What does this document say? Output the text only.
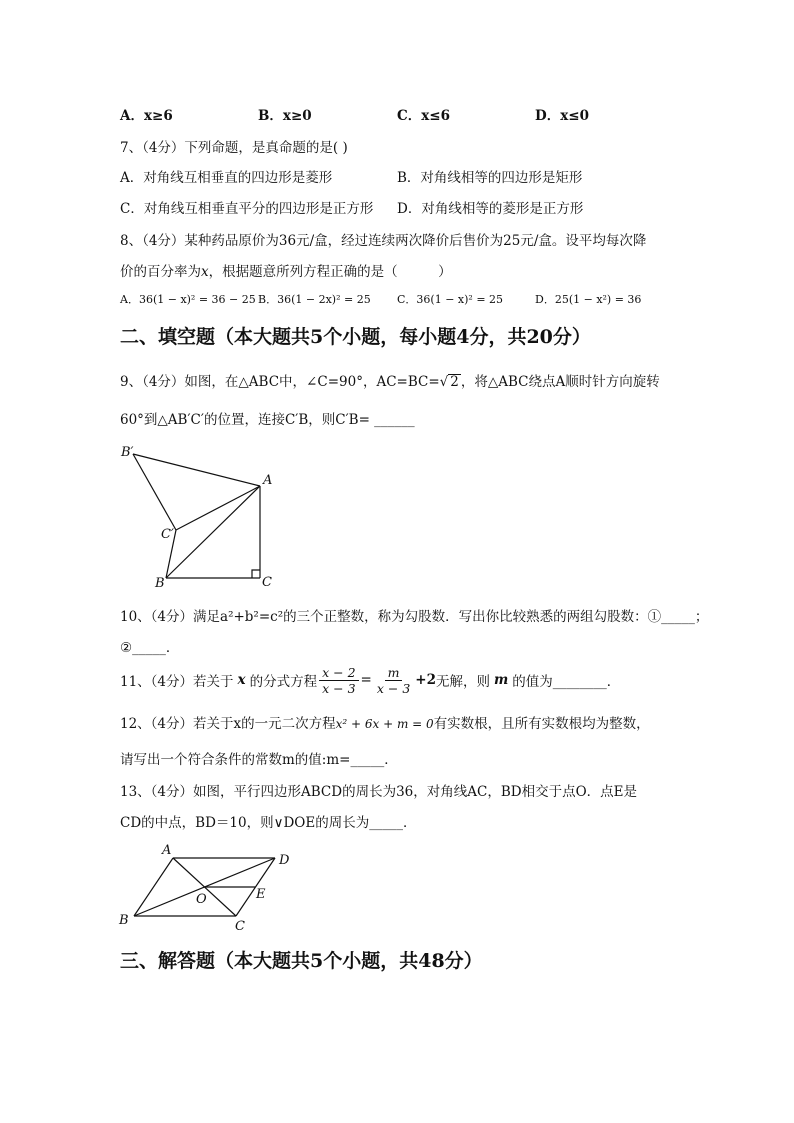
A．x≥6	B．x≥0	C．x≤6	D．x≤0
7、（4分）下列命题，是真命题的是( )
A．对角线互相垂直的四边形是菱形	B．对角线相等的四边形是矩形
C．对角线互相垂直平分的四边形是正方形 D．对角线相等的菱形是正方形
8、（4分）某种药品原价为36元/盒，经过连续两次降价后售价为25元/盒。设平均每次降
价的百分率为x，根据题意所列方程正确的是（　　　）
A．36(1 − x)² = 36 − 25 B．36(1 − 2x)² = 25 C．36(1 − x)² = 25	D．25(1 − x²) = 36
二、填空题（本大题共5个小题，每小题4分，共20分）
9、（4分）如图，在△ABC中，∠C=90°，AC=BC=√ 2 ，将△ABC绕点A顺时针方向旋转
60°到△AB′C′的位置，连接C′B，则C′B= ______
B′
A
C′
B	C
10、（4分）满足a²+b²=c²的三个正整数，称为勾股数．写出你比较熟悉的两组勾股数：①_____；
②_____．
11、（4分）若关于 x 的分式方程 $\frac{x - 2}{x - 3} = \frac{m}{x - 3} +2$ 无解，则 m 的值为________．
12、（4分）若关于x的一元二次方程x² + 6x + m = 0有实数根，且所有实数根均为整数，
请写出一个符合条件的常数m的值:m=_____．
13、（4分）如图，平行四边形ABCD的周长为36，对角线AC，BD相交于点O．点E是
CD的中点，BD＝10，则∨DOE的周长为_____．
A
D
O	E
B	C
三、解答题（本大题共5个小题，共48分）
